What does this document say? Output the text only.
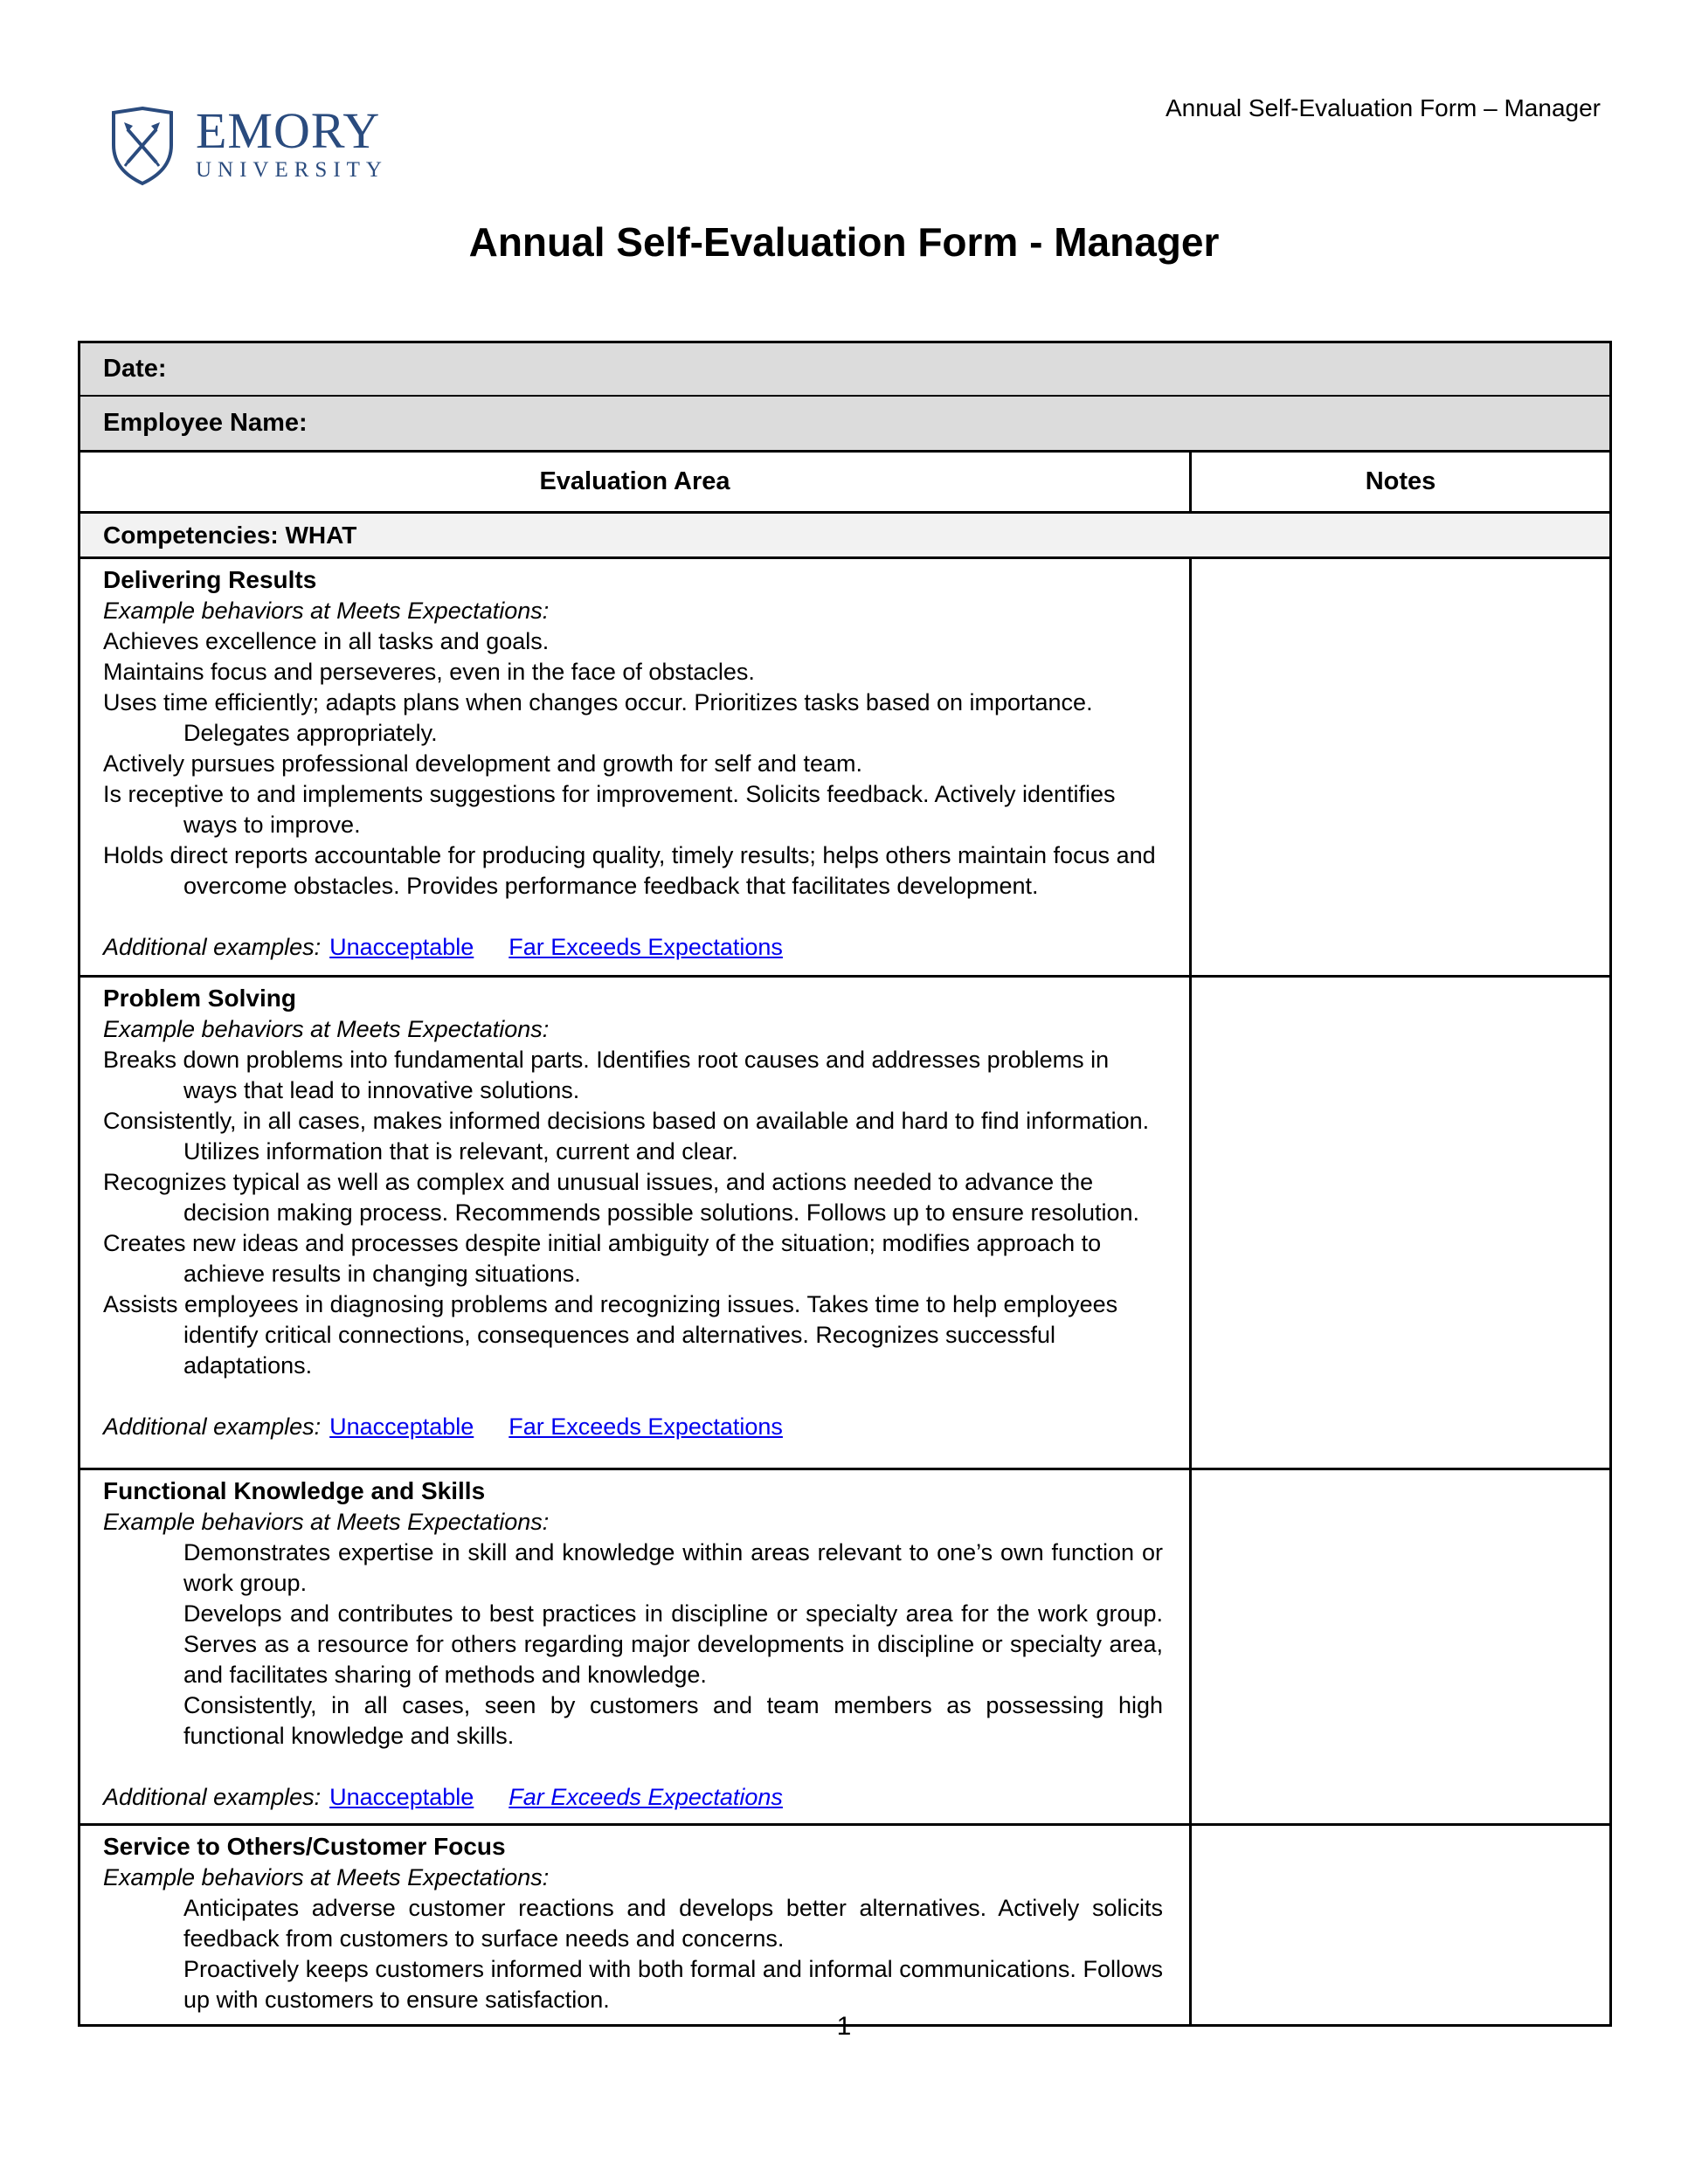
EMORY
UNIVERSITY
Annual Self-Evaluation Form – Manager
Annual Self-Evaluation Form - Manager
Date:
Employee Name:
Evaluation Area	Notes
Competencies: WHAT
Delivering Results

Example behaviors at Meets Expectations:

Achieves excellence in all tasks and goals.

Maintains focus and perseveres, even in the face of obstacles.

Uses time efficiently; adapts plans when changes occur. Prioritizes tasks based on importance. Delegates appropriately.

Actively pursues professional development and growth for self and team.

Is receptive to and implements suggestions for improvement. Solicits feedback. Actively identifies ways to improve.

Holds direct reports accountable for producing quality, timely results; helps others maintain focus and overcome obstacles. Provides performance feedback that facilitates development.

Additional examples: Unacceptable Far Exceeds Expectations
Problem Solving

Example behaviors at Meets Expectations:

Breaks down problems into fundamental parts. Identifies root causes and addresses problems in ways that lead to innovative solutions.

Consistently, in all cases, makes informed decisions based on available and hard to find information. Utilizes information that is relevant, current and clear.

Recognizes typical as well as complex and unusual issues, and actions needed to advance the decision making process. Recommends possible solutions. Follows up to ensure resolution.

Creates new ideas and processes despite initial ambiguity of the situation; modifies approach to achieve results in changing situations.

Assists employees in diagnosing problems and recognizing issues. Takes time to help employees identify critical connections, consequences and alternatives. Recognizes successful adaptations.

Additional examples: Unacceptable Far Exceeds Expectations
Functional Knowledge and Skills

Example behaviors at Meets Expectations:

Demonstrates expertise in skill and knowledge within areas relevant to one’s own function or work group.

Develops and contributes to best practices in discipline or specialty area for the work group. Serves as a resource for others regarding major developments in discipline or specialty area, and facilitates sharing of methods and knowledge.

Consistently, in all cases, seen by customers and team members as possessing high functional knowledge and skills.

Additional examples: Unacceptable Far Exceeds Expectations
Service to Others/Customer Focus

Example behaviors at Meets Expectations:

Anticipates adverse customer reactions and develops better alternatives. Actively solicits feedback from customers to surface needs and concerns.

Proactively keeps customers informed with both formal and informal communications. Follows up with customers to ensure satisfaction.

1
